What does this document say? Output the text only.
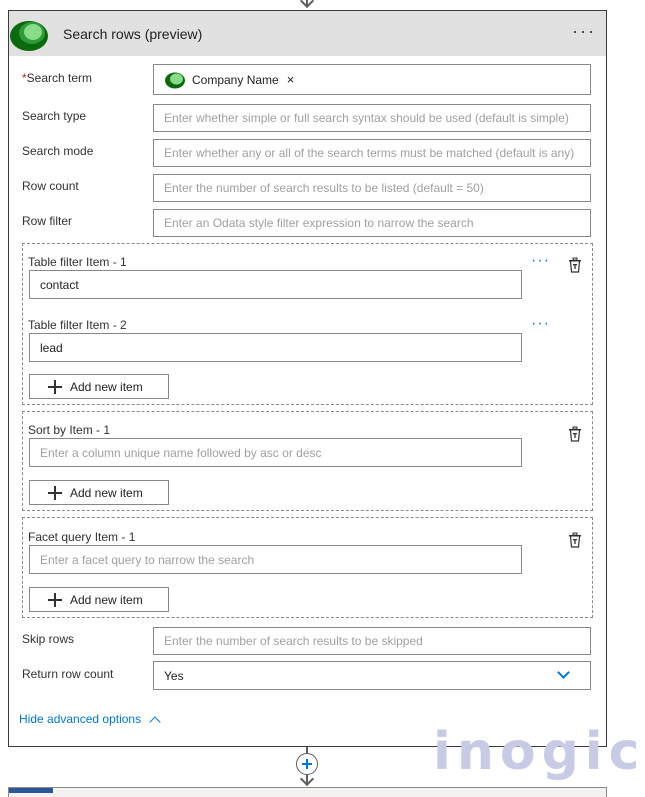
Search rows (preview)	···
*Search term	Company Name ×
Search type	Enter whether simple or full search syntax should be used (default is simple)
Search mode	Enter whether any or all of the search terms must be matched (default is any)
Row count	Enter the number of search results to be listed (default = 50)
Row filter	Enter an Odata style filter expression to narrow the search
Table filter Item - 1	···
contact
Table filter Item - 2	···
lead
Add new item
Sort by Item - 1
Enter a column unique name followed by asc or desc
Add new item
Facet query Item - 1
Enter a facet query to narrow the search
Add new item
Skip rows	Enter the number of search results to be skipped
Return row count	Yes
Hide advanced options
inogic
